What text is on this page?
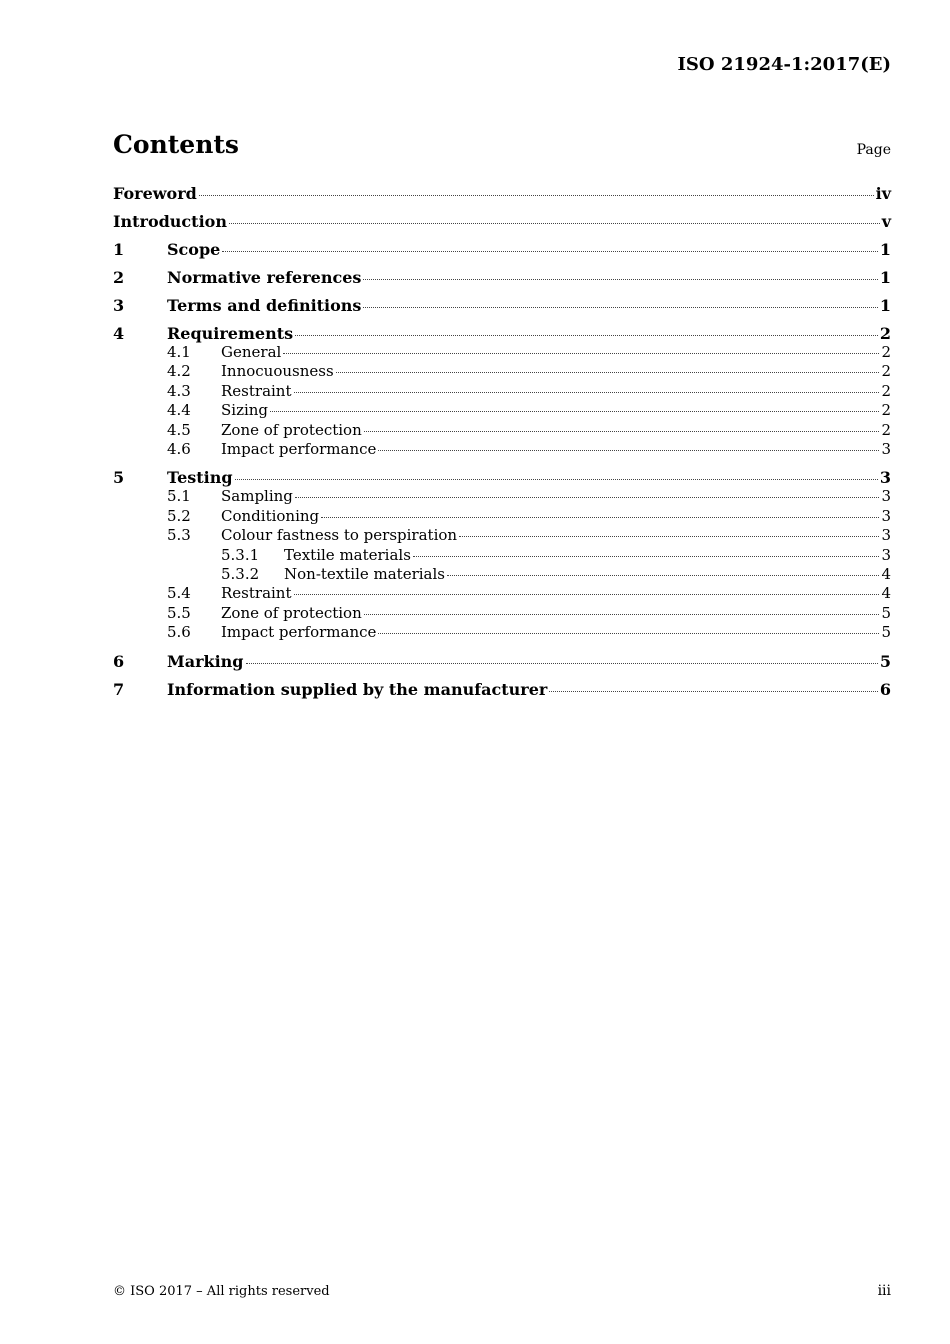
ISO 21924-1:2017(E)
Contents	Page
Foreword	iv
Introduction	v
1	Scope	1
2	Normative references	1
3	Terms and definitions	1
4	Requirements	2
4.1	General	2
4.2	Innocuousness	2
4.3	Restraint	2
4.4	Sizing	2
4.5	Zone of protection	2
4.6	Impact performance	3
5	Testing	3
5.1	Sampling	3
5.2	Conditioning	3
5.3	Colour fastness to perspiration	3
5.3.1	Textile materials	3
5.3.2	Non-textile materials	4
5.4	Restraint	4
5.5	Zone of protection	5
5.6	Impact performance	5
6	Marking	5
7	Information supplied by the manufacturer	6
© ISO 2017 – All rights reserved	iii
